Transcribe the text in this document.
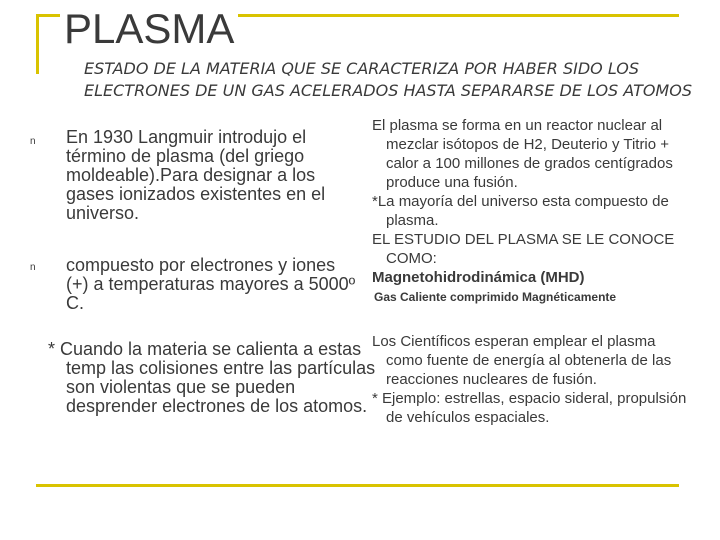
PLASMA

ESTADO DE LA MATERIA QUE SE CARACTERIZA POR HABER SIDO LOS ELECTRONES DE UN GAS ACELERADOS HASTA SEPARARSE DE LOS ATOMOS

n En 1930 Langmuir introdujo el término de plasma (del griego moldeable).Para designar a los gases ionizados existentes en el universo.

n compuesto por electrones y iones (+) a temperaturas mayores a 5000º C.

* Cuando la materia se calienta a estas temp las colisiones entre las partículas son violentas que se pueden desprender electrones de los atomos.

El plasma se forma en un reactor nuclear al mezclar isótopos de H2, Deuterio y Titrio + calor a 100 millones de grados centígrados produce una fusión.

*La mayoría del universo esta compuesto de plasma.

EL ESTUDIO DEL PLASMA SE LE CONOCE COMO:

Magnetohidrodinámica (MHD)

Gas Caliente comprimido Magnéticamente

Los Científicos esperan emplear el plasma como fuente de energía al obtenerla de las reacciones nucleares de fusión.

* Ejemplo: estrellas, espacio sideral, propulsión de vehículos espaciales.
